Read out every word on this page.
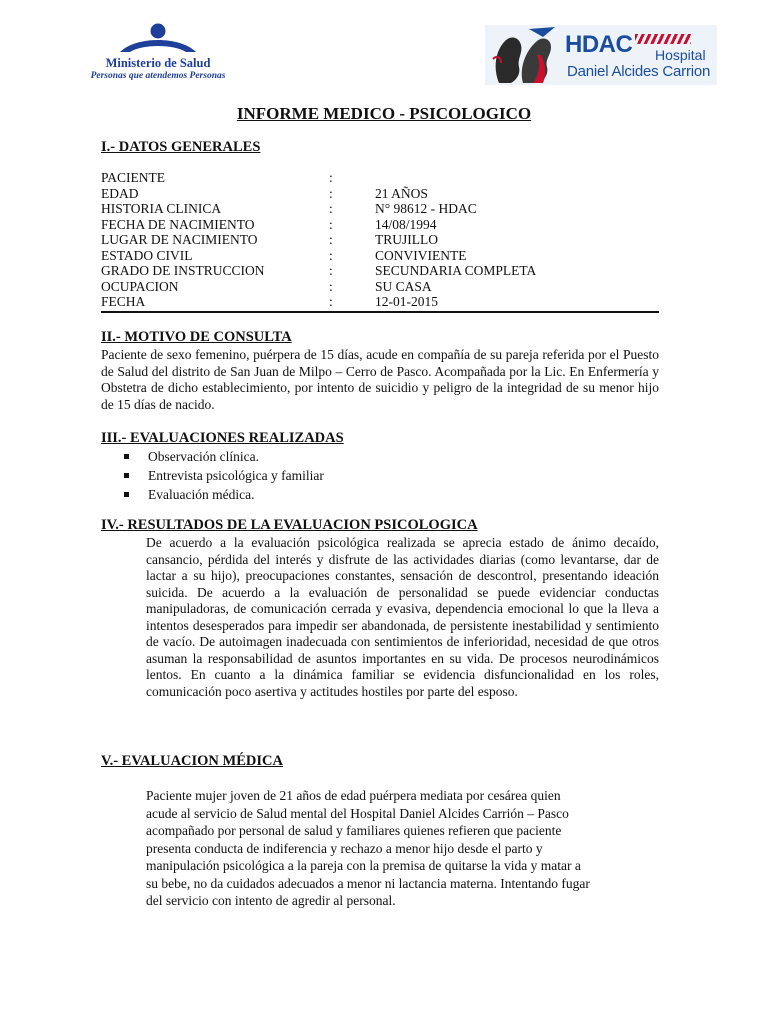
Ministerio de Salud
Personas que atendemos Personas
HDAC Hospital
Daniel Alcides Carrion
INFORME MEDICO - PSICOLOGICO
I.- DATOS GENERALES
PACIENTE	:
EDAD	:	21 AÑOS
HISTORIA CLINICA	:	N° 98612 - HDAC
FECHA DE NACIMIENTO	:	14/08/1994
LUGAR DE NACIMIENTO	:	TRUJILLO
ESTADO CIVIL	:	CONVIVIENTE
GRADO DE INSTRUCCION	:	SECUNDARIA COMPLETA
OCUPACION	:	SU CASA
FECHA	:	12-01-2015
II.- MOTIVO DE CONSULTA

Paciente de sexo femenino, puérpera de 15 días, acude en compañía de su pareja referida por el Puesto de Salud del distrito de San Juan de Milpo – Cerro de Pasco. Acompañada por la Lic. En Enfermería y Obstetra de dicho establecimiento, por intento de suicidio y peligro de la integridad de su menor hijo de 15 días de nacido.

III.- EVALUACIONES REALIZADAS
Observación clínica.
Entrevista psicológica y familiar
Evaluación médica.
IV.- RESULTADOS DE LA EVALUACION PSICOLOGICA

De acuerdo a la evaluación psicológica realizada se aprecia estado de ánimo decaído, cansancio, pérdida del interés y disfrute de las actividades diarias (como levantarse, dar de lactar a su hijo), preocupaciones constantes, sensación de descontrol, presentando ideación suicida. De acuerdo a la evaluación de personalidad se puede evidenciar conductas manipuladoras, de comunicación cerrada y evasiva, dependencia emocional lo que la lleva a intentos desesperados para impedir ser abandonada, de persistente inestabilidad y sentimiento de vacío. De autoimagen inadecuada con sentimientos de inferioridad, necesidad de que otros asuman la responsabilidad de asuntos importantes en su vida. De procesos neurodinámicos lentos. En cuanto a la dinámica familiar se evidencia disfuncionalidad en los roles, comunicación poco asertiva y actitudes hostiles por parte del esposo.

V.- EVALUACION MÉDICA
Paciente mujer joven de 21 años de edad puérpera mediata por cesárea quien
acude al servicio de Salud mental del Hospital Daniel Alcides Carrión – Pasco
acompañado por personal de salud y familiares quienes refieren que paciente
presenta conducta de indiferencia y rechazo a menor hijo desde el parto y
manipulación psicológica a la pareja con la premisa de quitarse la vida y matar a
su bebe, no da cuidados adecuados a menor ni lactancia materna. Intentando fugar
del servicio con intento de agredir al personal.
